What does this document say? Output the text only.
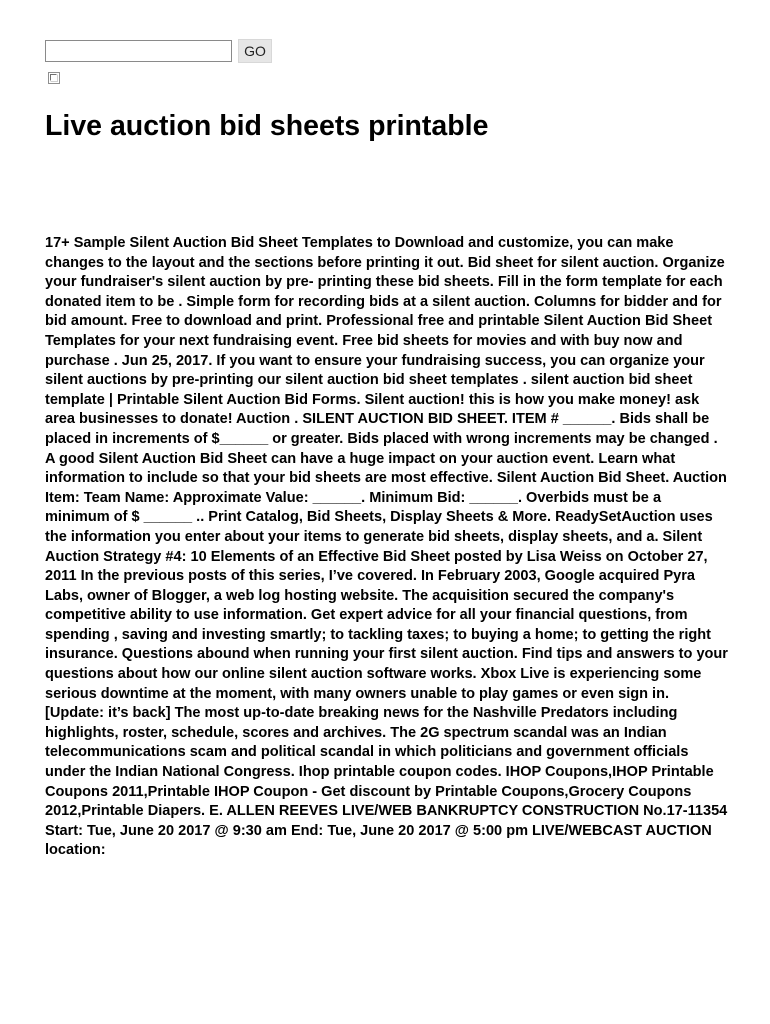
GO
Live auction bid sheets printable

17+ Sample Silent Auction Bid Sheet Templates to Download and customize, you can make changes to the layout and the sections before printing it out. Bid sheet for silent auction. Organize your fundraiser's silent auction by pre- printing these bid sheets. Fill in the form template for each donated item to be . Simple form for recording bids at a silent auction. Columns for bidder and for bid amount. Free to download and print. Professional free and printable Silent Auction Bid Sheet Templates for your next fundraising event. Free bid sheets for movies and with buy now and purchase . Jun 25, 2017. If you want to ensure your fundraising success, you can organize your silent auctions by pre-printing our silent auction bid sheet templates . silent auction bid sheet template | Printable Silent Auction Bid Forms. Silent auction! this is how you make money! ask area businesses to donate! Auction . SILENT AUCTION BID SHEET. ITEM # ______. Bids shall be placed in increments of $______ or greater. Bids placed with wrong increments may be changed . A good Silent Auction Bid Sheet can have a huge impact on your auction event. Learn what information to include so that your bid sheets are most effective. Silent Auction Bid Sheet. Auction Item: Team Name: Approximate Value: ______. Minimum Bid: ______. Overbids must be a minimum of $ ______ .. Print Catalog, Bid Sheets, Display Sheets & More. ReadySetAuction uses the information you enter about your items to generate bid sheets, display sheets, and a. Silent Auction Strategy #4: 10 Elements of an Effective Bid Sheet posted by Lisa Weiss on October 27, 2011 In the previous posts of this series, I’ve covered. In February 2003, Google acquired Pyra Labs, owner of Blogger, a web log hosting website. The acquisition secured the company's competitive ability to use information. Get expert advice for all your financial questions, from spending , saving and investing smartly; to tackling taxes; to buying a home; to getting the right insurance. Questions abound when running your first silent auction. Find tips and answers to your questions about how our online silent auction software works. Xbox Live is experiencing some serious downtime at the moment, with many owners unable to play games or even sign in. [Update: it’s back] The most up-to-date breaking news for the Nashville Predators including highlights, roster, schedule, scores and archives. The 2G spectrum scandal was an Indian telecommunications scam and political scandal in which politicians and government officials under the Indian National Congress. Ihop printable coupon codes. IHOP Coupons,IHOP Printable Coupons 2011,Printable IHOP Coupon - Get discount by Printable Coupons,Grocery Coupons 2012,Printable Diapers. E. ALLEN REEVES LIVE/WEB BANKRUPTCY CONSTRUCTION No.17-11354 Start: Tue, June 20 2017 @ 9:30 am End: Tue, June 20 2017 @ 5:00 pm LIVE/WEBCAST AUCTION location:
